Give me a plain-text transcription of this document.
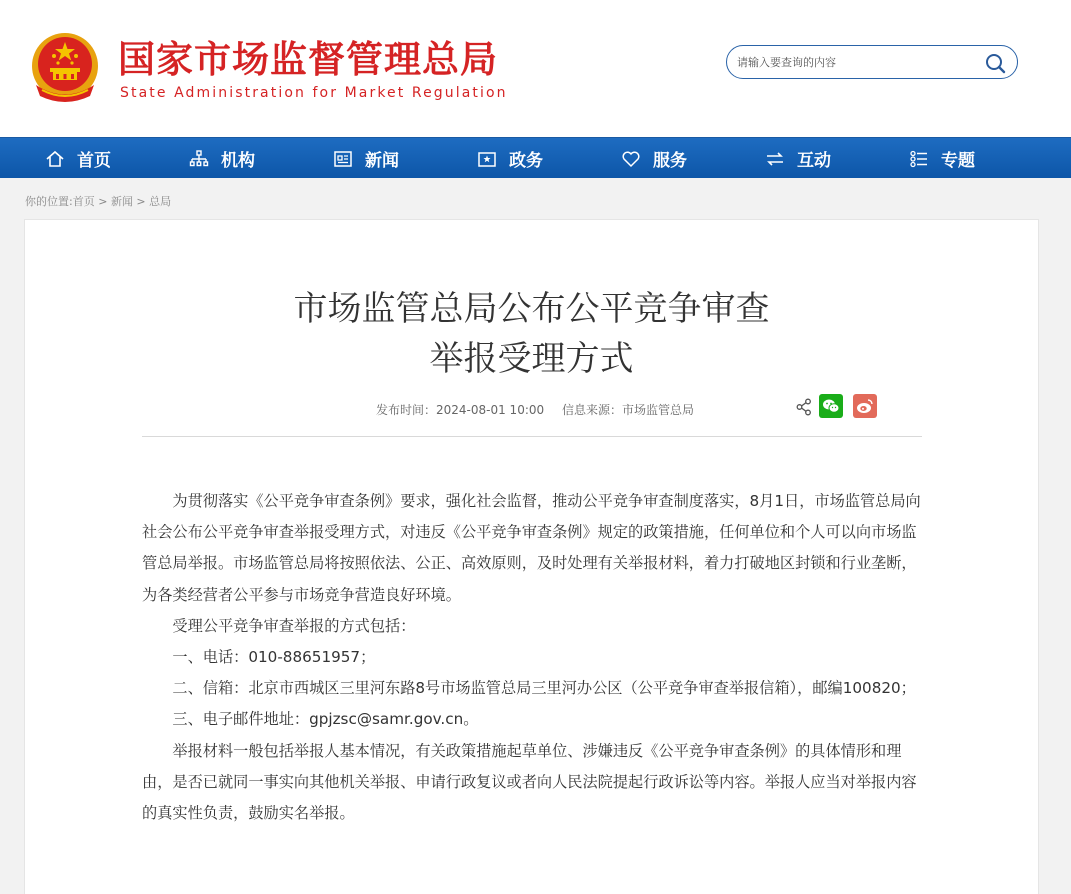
国家市场监督管理总局
State Administration for Market Regulation
请输入要查询的内容
首页	机构	新闻	政务	服务	互动	专题
你的位置:首页 > 新闻 > 总局
市场监管总局公布公平竞争审查
举报受理方式
发布时间：2024-08-01 10:00 信息来源：市场监管总局

为贯彻落实《公平竞争审查条例》要求，强化社会监督，推动公平竞争审查制度落实，8月1日，市场监管总局向社会公布公平竞争审查举报受理方式，对违反《公平竞争审查条例》规定的政策措施，任何单位和个人可以向市场监管总局举报。市场监管总局将按照依法、公正、高效原则，及时处理有关举报材料，着力打破地区封锁和行业垄断，为各类经营者公平参与市场竞争营造良好环境。

受理公平竞争审查举报的方式包括：

一、电话：010-88651957；

二、信箱：北京市西城区三里河东路8号市场监管总局三里河办公区（公平竞争审查举报信箱），邮编100820；

三、电子邮件地址：gpjzsc@samr.gov.cn。

举报材料一般包括举报人基本情况，有关政策措施起草单位、涉嫌违反《公平竞争审查条例》的具体情形和理由，是否已就同一事实向其他机关举报、申请行政复议或者向人民法院提起行政诉讼等内容。举报人应当对举报内容的真实性负责，鼓励实名举报。
